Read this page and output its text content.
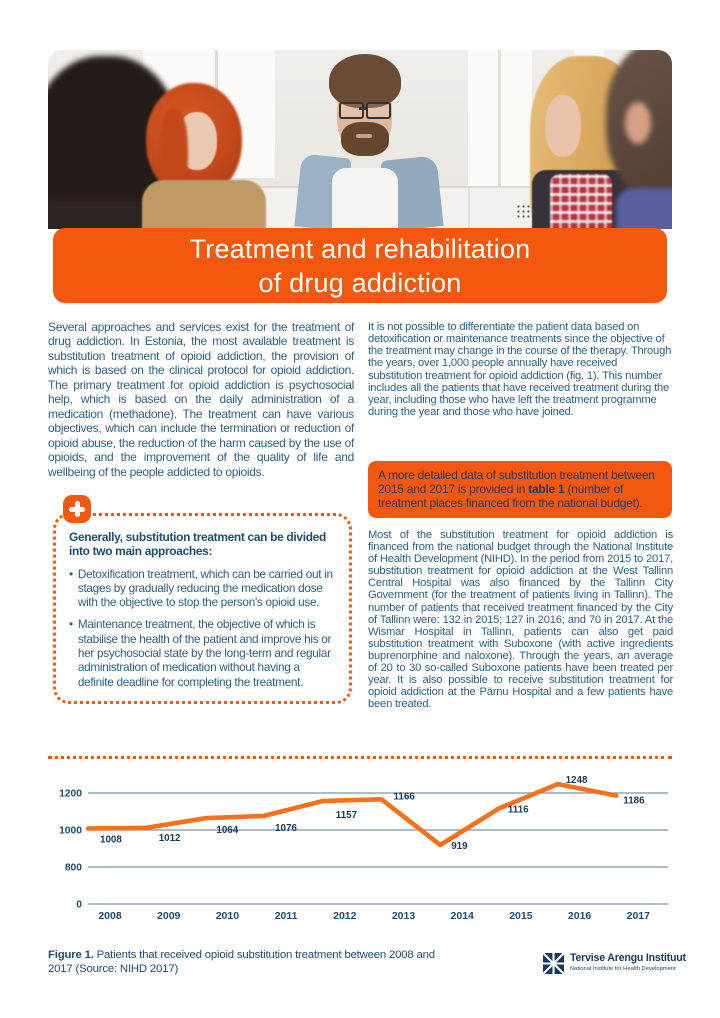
Treatment and rehabilitation
of drug addiction
Several approaches and services exist for the treatment of drug addiction. In Estonia, the most available treatment is substitution treatment of opioid addiction, the provision of which is based on the clinical protocol for opioid addiction. The primary treatment for opioid addiction is psychosocial help, which is based on the daily administration of a medication (methadone). The treatment can have various objectives, which can include the termination or reduction of opioid abuse, the reduction of the harm caused by the use of opioids, and the improvement of the quality of life and wellbeing of the people addicted to opioids.
Generally, substitution treatment can be divided into two main approaches:
• Detoxification treatment, which can be carried out in stages by gradually reducing the medication dose with the objective to stop the person's opioid use.
• Maintenance treatment, the objective of which is stabilise the health of the patient and improve his or her psychosocial state by the long-term and regular administration of medication without having a definite deadline for completing the treatment.
It is not possible to differentiate the patient data based on detoxification or maintenance treatments since the objective of the treatment may change in the course of the therapy. Through the years, over 1,000 people annually have received substitution treatment for opioid addiction (fig. 1). This number includes all the patients that have received treatment during the year, including those who have left the treatment programme during the year and those who have joined.
A more detailed data of substitution treatment between 2015 and 2017 is provided in table 1 (number of treatment places financed from the national budget).
Most of the substitution treatment for opioid addiction is financed from the national budget through the National Institute of Health Development (NIHD). In the period from 2015 to 2017, substitution treatment for opioid addiction at the West Tallinn Central Hospital was also financed by the Tallinn City Government (for the treatment of patients living in Tallinn). The number of patients that received treatment financed by the City of Tallinn were: 132 in 2015; 127 in 2016; and 70 in 2017. At the Wismar Hospital in Tallinn, patients can also get paid substitution treatment with Suboxone (with active ingredients buprenorphine and naloxone). Through the years, an average of 20 to 30 so-called Suboxone patients have been treated per year. It is also possible to receive substitution treatment for opioid addiction at the Pärnu Hospital and a few patients have been treated.
1200
1000
800
0
1008	1012
1064	1076
1157
1166
919
1116
1248
1186
2008	2009	2010	2011	2012	2013	2014	2015	2016	2017
Figure 1. Patients that received opioid substitution treatment between 2008 and 2017 (Source: NIHD 2017)
Tervise Arengu Instituut
National Institute for Health Development
